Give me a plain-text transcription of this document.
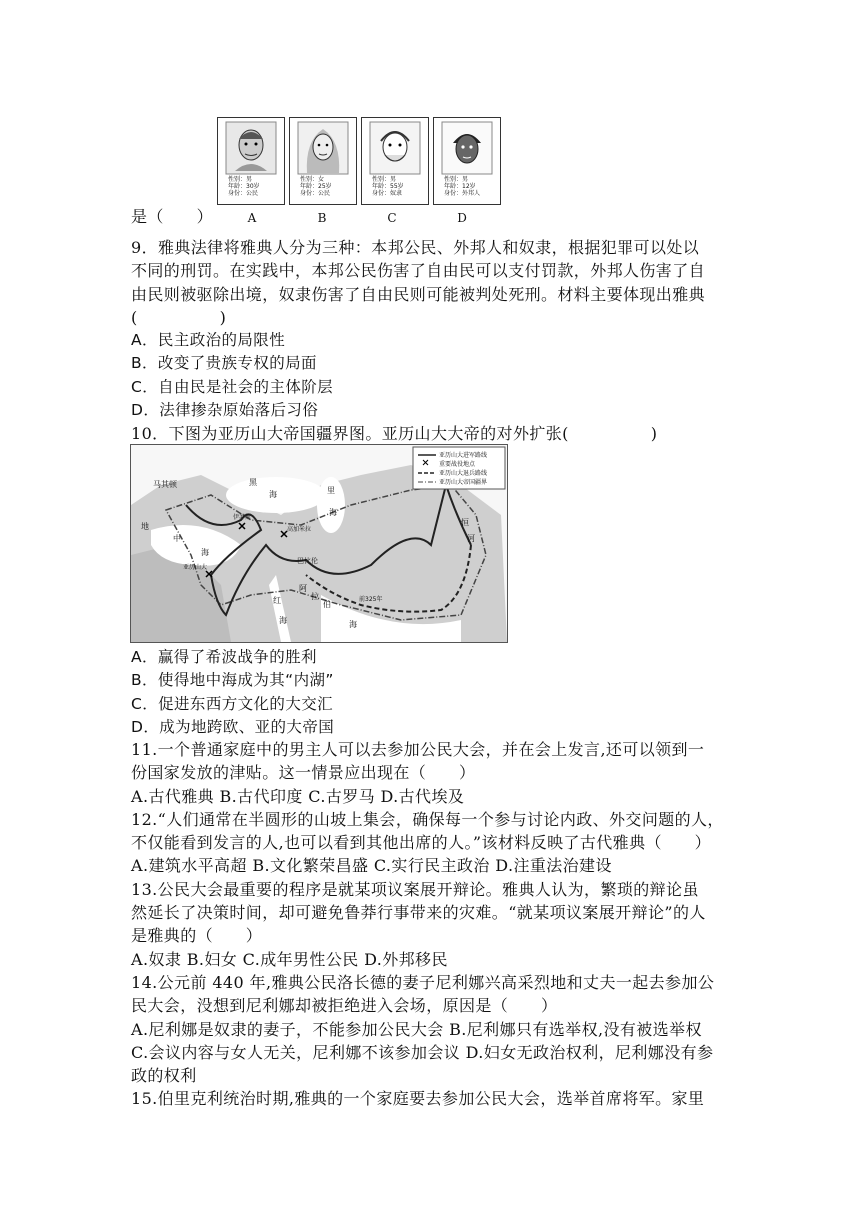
性别：男
年龄：30岁
身份：公民
性别：女
年龄：25岁
身份：公民
性别：男
年龄：55岁
身份：奴隶
性别：男
年龄：12岁
身份：外邦人
A	B	C	D
是（　　）
9．雅典法律将雅典人分为三种：本邦公民、外邦人和奴隶，根据犯罪可以处以
不同的刑罚。在实践中，本邦公民伤害了自由民可以支付罚款，外邦人伤害了自
由民则被驱除出境，奴隶伤害了自由民则可能被判处死刑。材料主要体现出雅典
(　　　　　)
A．民主政治的局限性
B．改变了贵族专权的局面
C．自由民是社会的主体阶层
D．法律掺杂原始落后习俗
10．下图为亚历山大帝国疆界图。亚历山大大帝的对外扩张(　　　　　)
亚历山大进军路线
重要战役地点
亚历山大退兵路线
亚历山大帝国疆界
马其顿	黑
海	里
海
伊苏斯
高加米拉
巴比伦
亚历山大
地
中
海
红
海
阿
拉
伯
海
前325年
恒
河
A．赢得了希波战争的胜利
B．使得地中海成为其“内湖”
C．促进东西方文化的大交汇
D．成为地跨欧、亚的大帝国
11.一个普通家庭中的男主人可以去参加公民大会，并在会上发言,还可以领到一
份国家发放的津贴。这一情景应出现在（　　）
A.古代雅典 B.古代印度 C.古罗马 D.古代埃及
12.“人们通常在半圆形的山坡上集会，确保每一个参与讨论内政、外交问题的人，
不仅能看到发言的人,也可以看到其他出席的人。”该材料反映了古代雅典（　　）
A.建筑水平高超 B.文化繁荣昌盛 C.实行民主政治 D.注重法治建设
13.公民大会最重要的程序是就某项议案展开辩论。雅典人认为，繁琐的辩论虽
然延长了决策时间，却可避免鲁莽行事带来的灾难。“就某项议案展开辩论”的人
是雅典的（　　）
A.奴隶 B.妇女 C.成年男性公民 D.外邦移民
14.公元前 440 年,雅典公民洛长德的妻子尼利娜兴高采烈地和丈夫一起去参加公
民大会，没想到尼利娜却被拒绝进入会场，原因是（　　）
A.尼利娜是奴隶的妻子，不能参加公民大会 B.尼利娜只有选举权,没有被选举权
C.会议内容与女人无关，尼利娜不该参加会议 D.妇女无政治权利，尼利娜没有参
政的权利
15.伯里克利统治时期,雅典的一个家庭要去参加公民大会，选举首席将军。家里
